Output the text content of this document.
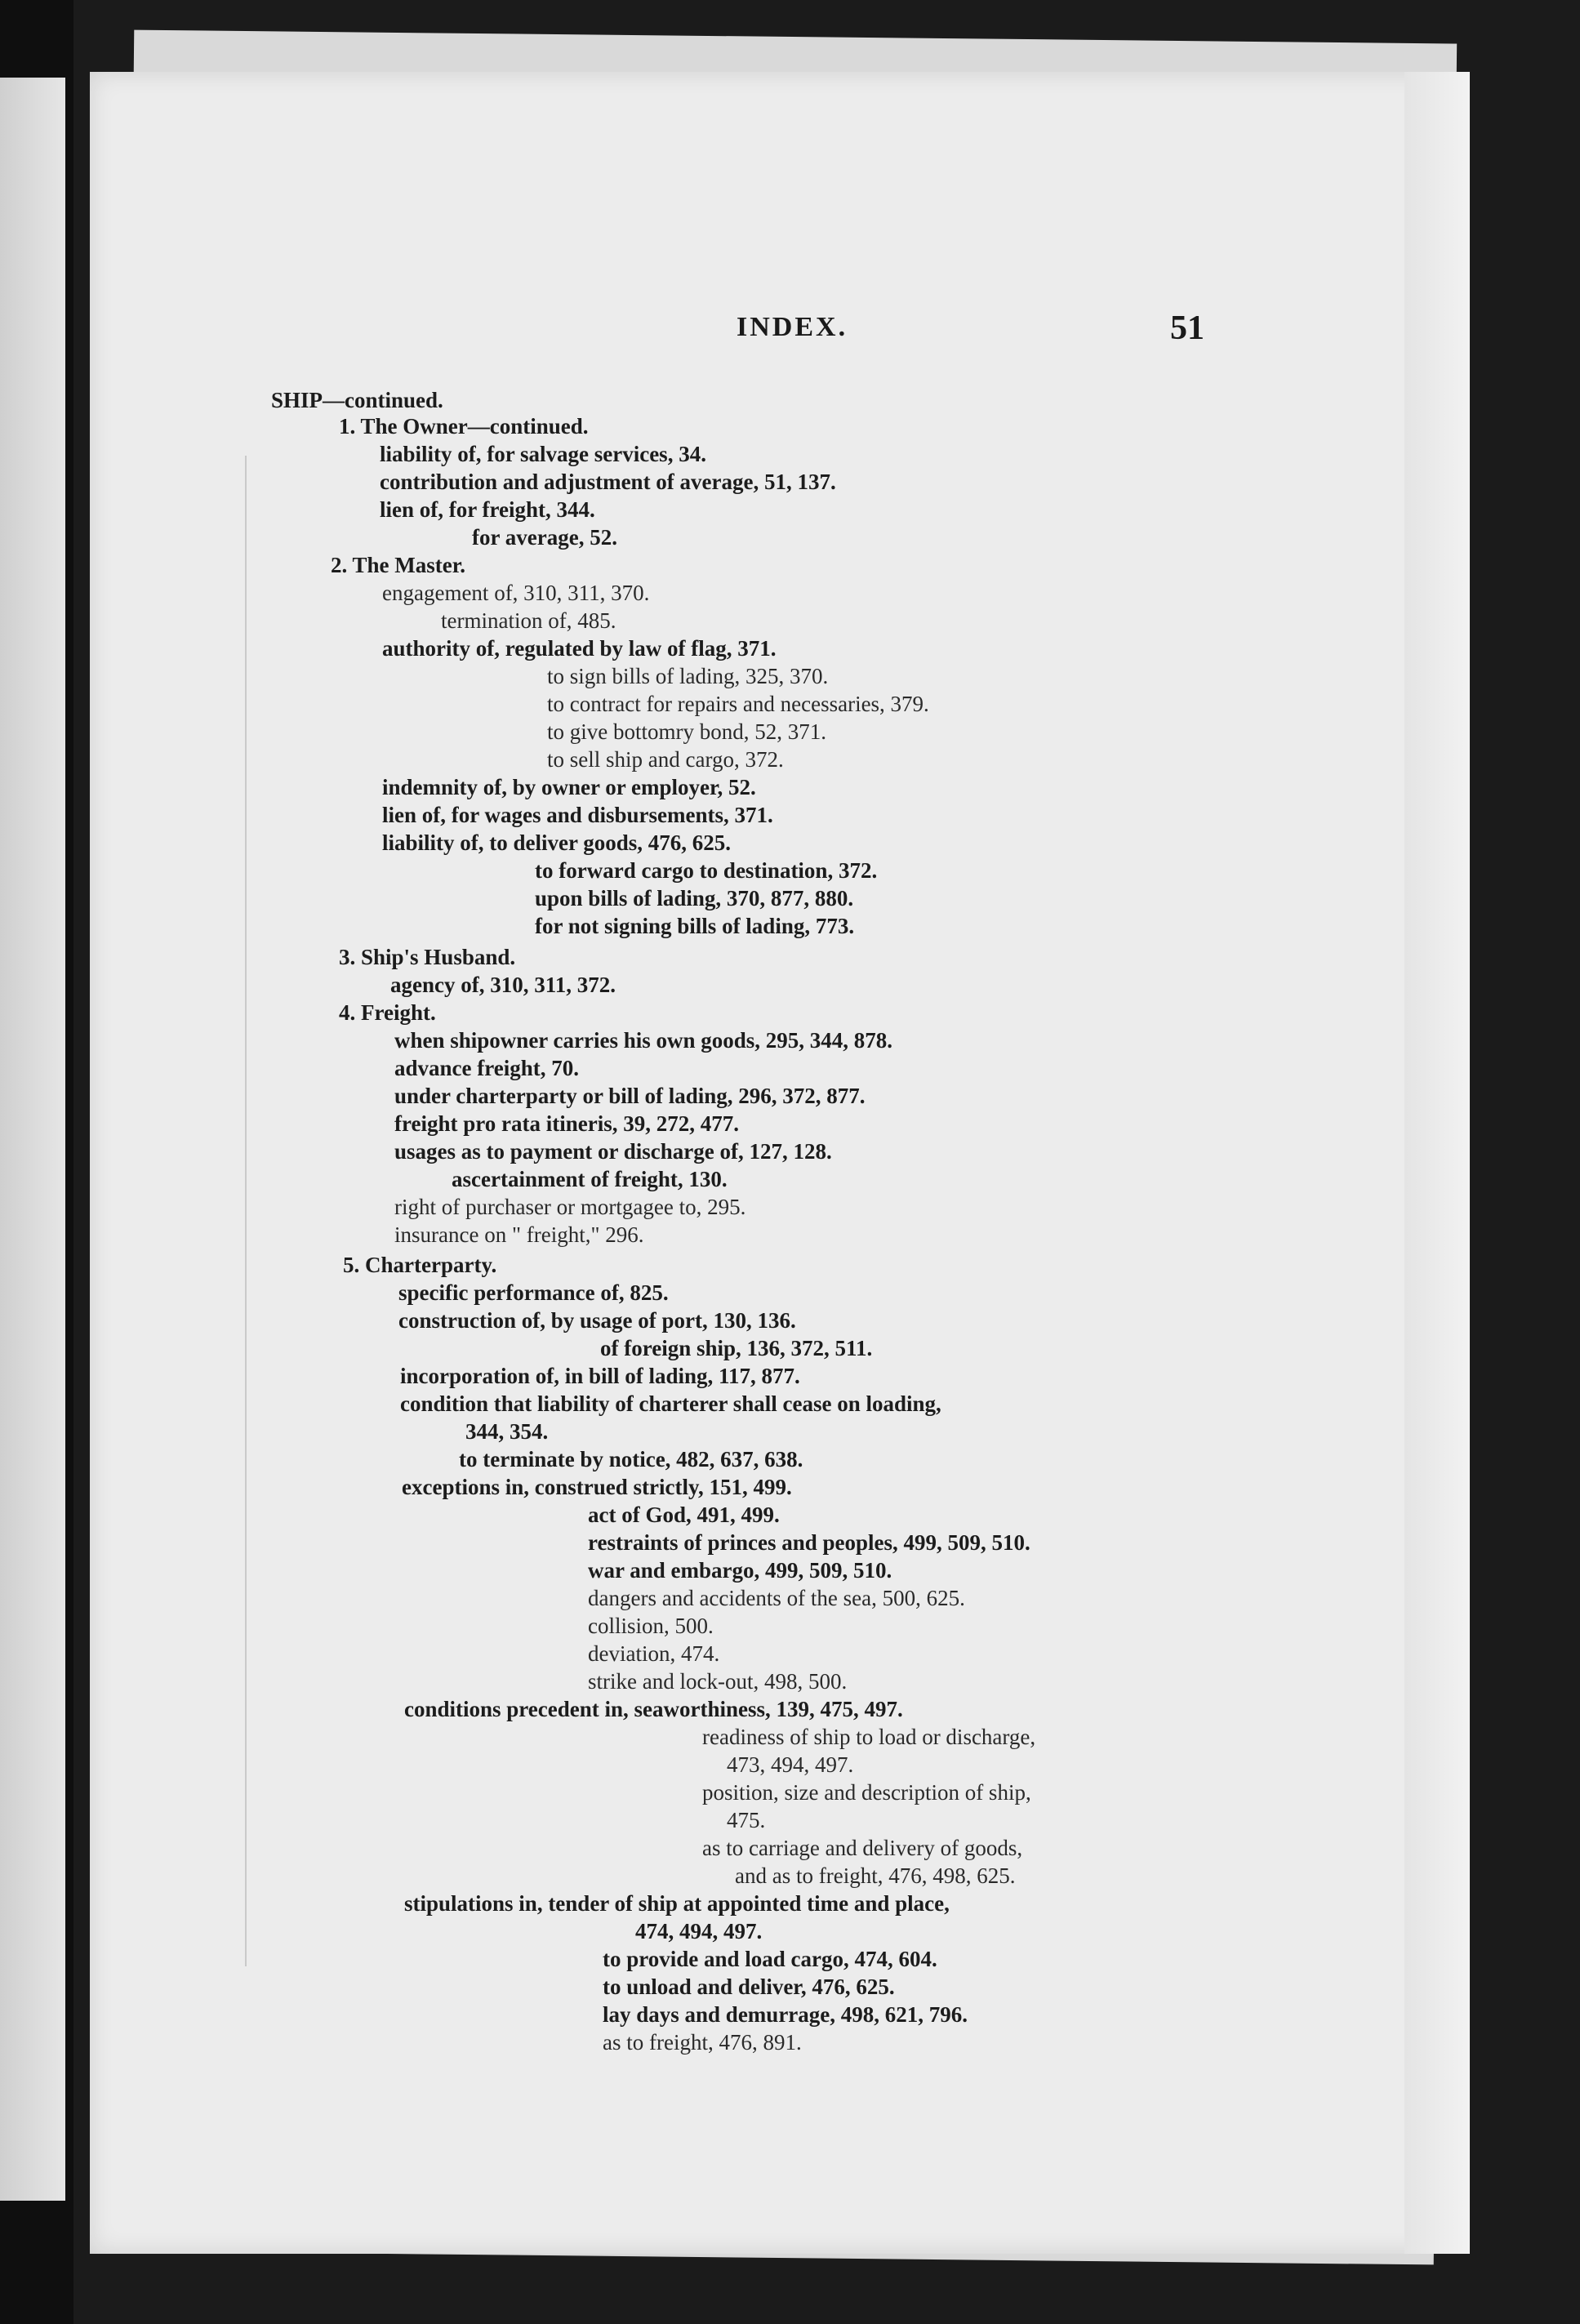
INDEX.	51
SHIP—continued.
1. The Owner—continued.
liability of, for salvage services, 34.
contribution and adjustment of average, 51, 137.
lien of, for freight, 344.
for average, 52.
2. The Master.
engagement of, 310, 311, 370.
termination of, 485.
authority of, regulated by law of flag, 371.
to sign bills of lading, 325, 370.
to contract for repairs and necessaries, 379.
to give bottomry bond, 52, 371.
to sell ship and cargo, 372.
indemnity of, by owner or employer, 52.
lien of, for wages and disbursements, 371.
liability of, to deliver goods, 476, 625.
to forward cargo to destination, 372.
upon bills of lading, 370, 877, 880.
for not signing bills of lading, 773.
3. Ship's Husband.
agency of, 310, 311, 372.
4. Freight.
when shipowner carries his own goods, 295, 344, 878.
advance freight, 70.
under charterparty or bill of lading, 296, 372, 877.
freight pro rata itineris, 39, 272, 477.
usages as to payment or discharge of, 127, 128.
ascertainment of freight, 130.
right of purchaser or mortgagee to, 295.
insurance on " freight," 296.
5. Charterparty.
specific performance of, 825.
construction of, by usage of port, 130, 136.
of foreign ship, 136, 372, 511.
incorporation of, in bill of lading, 117, 877.
condition that liability of charterer shall cease on loading,
344, 354.
to terminate by notice, 482, 637, 638.
exceptions in, construed strictly, 151, 499.
act of God, 491, 499.
restraints of princes and peoples, 499, 509, 510.
war and embargo, 499, 509, 510.
dangers and accidents of the sea, 500, 625.
collision, 500.
deviation, 474.
strike and lock-out, 498, 500.
conditions precedent in, seaworthiness, 139, 475, 497.
readiness of ship to load or discharge,
473, 494, 497.
position, size and description of ship,
475.
as to carriage and delivery of goods,
and as to freight, 476, 498, 625.
stipulations in, tender of ship at appointed time and place,
474, 494, 497.
to provide and load cargo, 474, 604.
to unload and deliver, 476, 625.
lay days and demurrage, 498, 621, 796.
as to freight, 476, 891.
